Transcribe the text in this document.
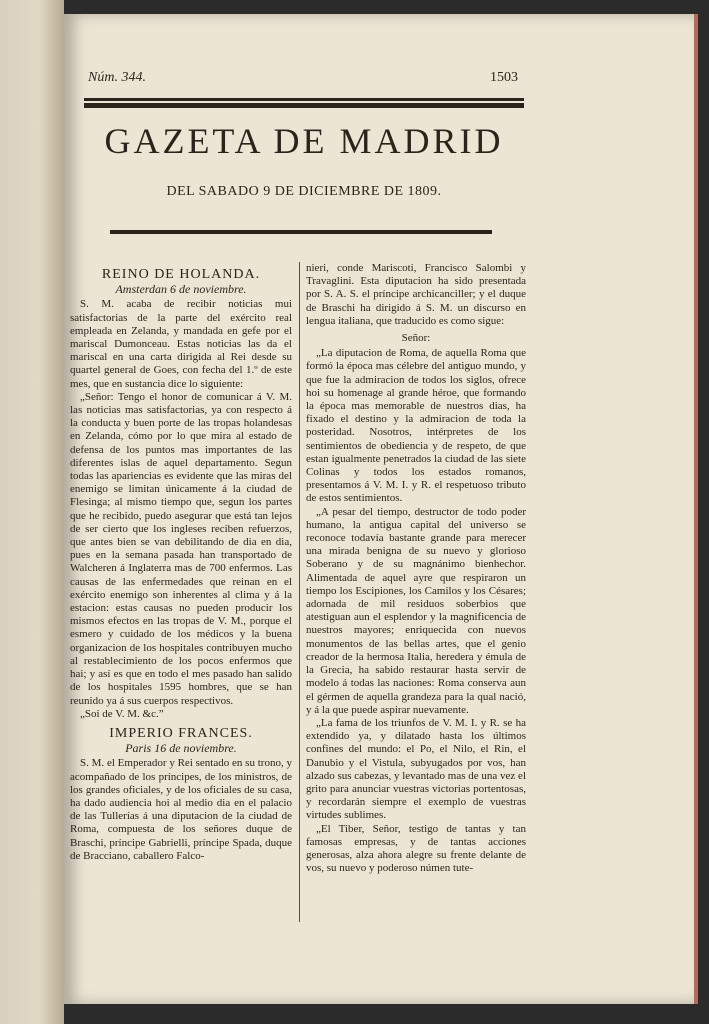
Núm. 344.	1503
GAZETA DE MADRID
DEL SABADO 9 DE DICIEMBRE DE 1809.
REINO DE HOLANDA.
Amsterdan 6 de noviembre.

S. M. acaba de recibir noticias mui satisfactorias de la parte del exército real empleada en Zelanda, y mandada en gefe por el mariscal Dumonceau. Estas noticias las da el mariscal en una carta dirigida al Rei desde su quartel general de Goes, con fecha del 1.º de este mes, que en sustancia dice lo siguiente:

„Señor: Tengo el honor de comunicar á V. M. las noticias mas satisfactorias, ya con respecto á la conducta y buen porte de las tropas holandesas en Zelanda, cómo por lo que mira al estado de defensa de los puntos mas importantes de las diferentes islas de aquel departamento. Segun todas las apariencias es evidente que las miras del enemigo se limitan únicamente á la ciudad de Flesinga; al mismo tiempo que, segun los partes que he recibido, puedo asegurar que está tan lejos de ser cierto que los ingleses reciben refuerzos, que antes bien se van debilitando de dia en dia, pues en la semana pasada han transportado de Walcheren á Inglaterra mas de 700 enfermos. Las causas de las enfermedades que reinan en el exército enemigo son inherentes al clima y á la estacion: estas causas no pueden producir los mismos efectos en las tropas de V. M., porque el esmero y cuidado de los médicos y la buena organizacion de los hospitales contribuyen mucho al restablecimiento de los pocos enfermos que hai; y así es que en todo el mes pasado han salido de los hospitales 1595 hombres, que se han reunido ya á sus cuerpos respectivos.

„Soi de V. M. &c.”

IMPERIO FRANCES.
Paris 16 de noviembre.

S. M. el Emperador y Rei sentado en su trono, y acompañado de los príncipes, de los ministros, de los grandes oficiales, y de los oficiales de su casa, ha dado audiencia hoi al medio dia en el palacio de las Tullerías á una diputacion de la ciudad de Roma, compuesta de los señores duque de Braschi, príncipe Gabrielli, príncipe Spada, duque de Bracciano, caballero Falco-

nieri, conde Mariscoti, Francisco Salombi y Travaglini. Esta diputacion ha sido presentada por S. A. S. el príncipe archicanciller; y el duque de Braschi ha dirigido á S. M. un discurso en lengua italiana, que traducido es como sigue:

Señor:

„La diputacion de Roma, de aquella Roma que formó la época mas célebre del antiguo mundo, y que fue la admiracion de todos los siglos, ofrece hoi su homenage al grande héroe, que formando la época mas memorable de nuestros dias, ha fixado el destino y la admiracion de toda la posteridad. Nosotros, intérpretes de los sentimientos de obediencia y de respeto, de que estan igualmente penetrados la ciudad de las siete Colinas y todos los estados romanos, presentamos á V. M. I. y R. el respetuoso tributo de estos sentimientos.

„A pesar del tiempo, destructor de todo poder humano, la antigua capital del universo se reconoce todavía bastante grande para merecer una mirada benigna de su nuevo y glorioso Soberano y de su magnánimo bienhechor. Alimentada de aquel ayre que respiraron un tiempo los Escipiones, los Camilos y los Césares; adornada de mil residuos soberbios que atestiguan aun el esplendor y la magnificencia de nuestros mayores; enriquecida con nuevos monumentos de las bellas artes, que el genio creador de la hermosa Italia, heredera y émula de la Grecia, ha sabido restaurar hasta servir de modelo á todas las naciones: Roma conserva aun el gérmen de aquella grandeza para la qual nació, y á la que puede aspirar nuevamente.

„La fama de los triunfos de V. M. I. y R. se ha extendido ya, y dilatado hasta los últimos confines del mundo: el Po, el Nilo, el Rin, el Danubio y el Vistula, subyugados por vos, han alzado sus cabezas, y levantado mas de una vez el grito para anunciar vuestras victorias portentosas, y recordarán siempre el exemplo de vuestras virtudes sublimes.

„El Tiber, Señor, testigo de tantas y tan famosas empresas, y de tantas acciones generosas, alza ahora alegre su frente delante de vos, su nuevo y poderoso númen tute-
